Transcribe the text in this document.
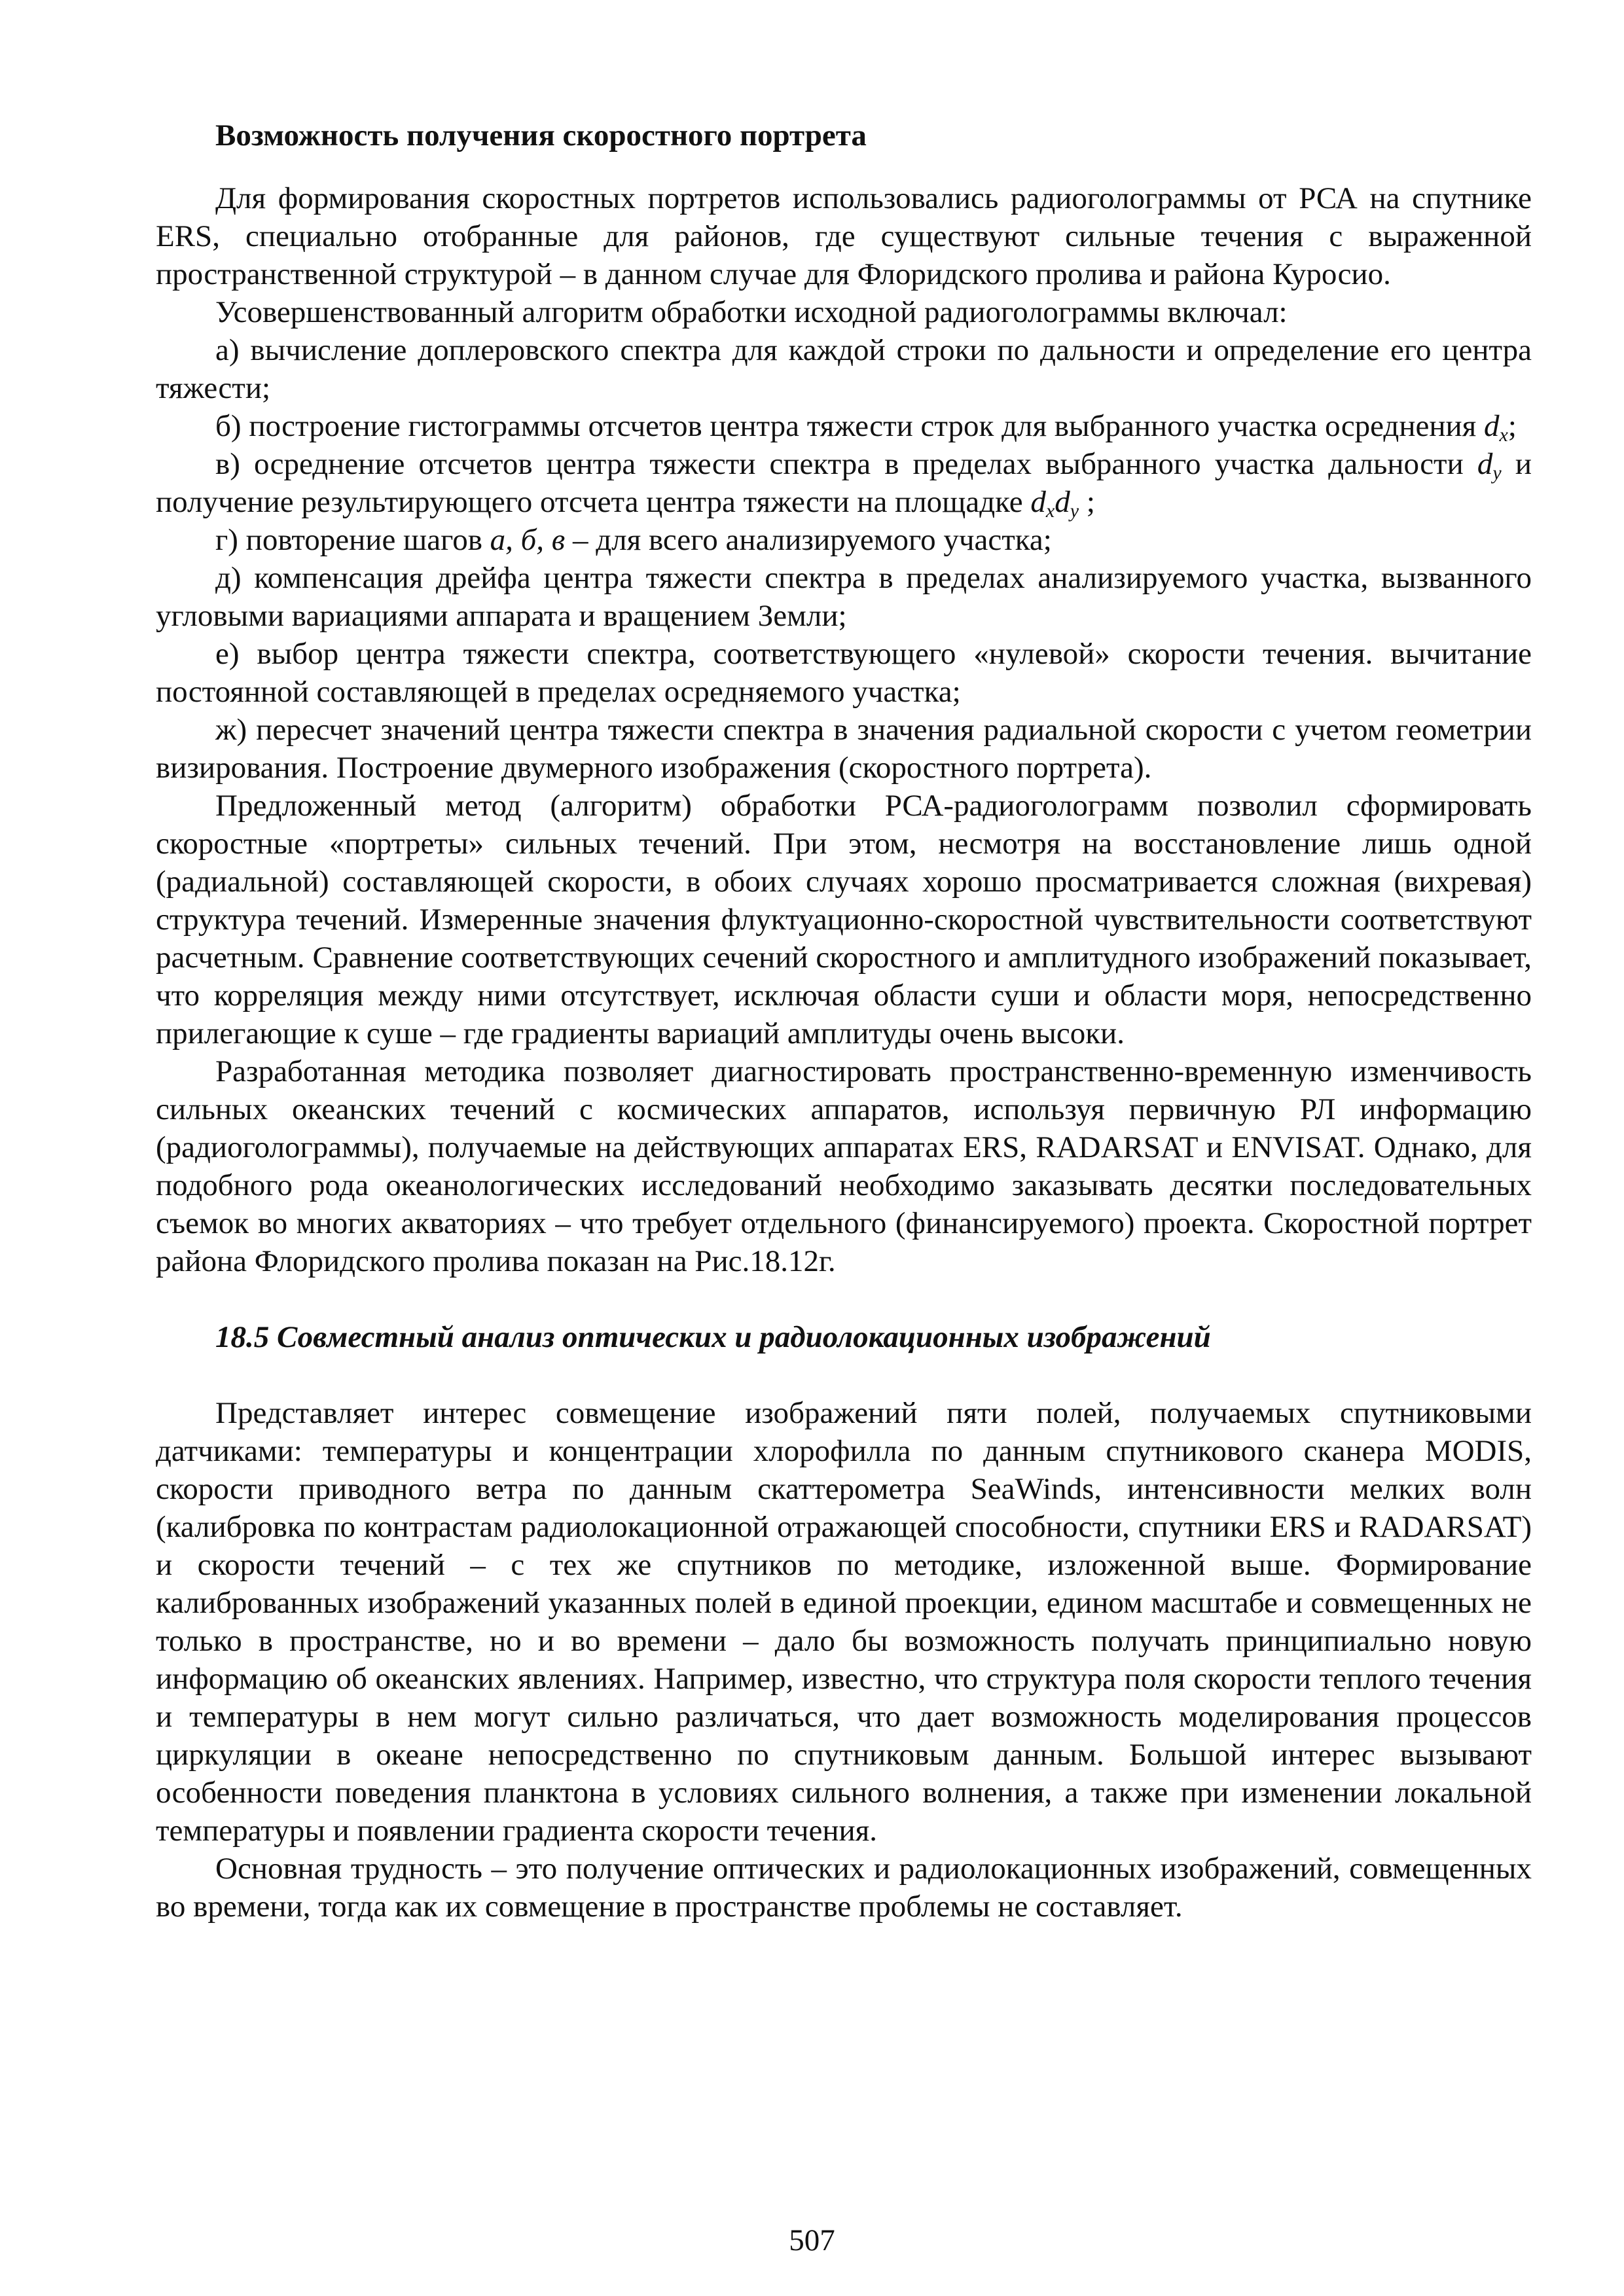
Возможность получения скоростного портрета

Для формирования скоростных портретов использовались радиоголограммы от РСА на спутнике ERS, специально отобранные для районов, где существуют сильные течения с выраженной пространственной структурой – в данном случае для Флоридского пролива и района Куросио.

Усовершенствованный алгоритм обработки исходной радиоголограммы включал:

а) вычисление доплеровского спектра для каждой строки по дальности и определение его центра тяжести;

б) построение гистограммы отсчетов центра тяжести строк для выбранного участка осреднения $d_x$;

в) осреднение отсчетов центра тяжести спектра в пределах выбранного участка дальности $d_y$ и получение результирующего отсчета центра тяжести на площадке $d_xd_y$ ;

г) повторение шагов а, б, в – для всего анализируемого участка;

д) компенсация дрейфа центра тяжести спектра в пределах анализируемого участка, вызванного угловыми вариациями аппарата и вращением Земли;

е) выбор центра тяжести спектра, соответствующего «нулевой» скорости течения. вычитание постоянной составляющей в пределах осредняемого участка;

ж) пересчет значений центра тяжести спектра в значения радиальной скорости с учетом геометрии визирования. Построение двумерного изображения (скоростного портрета).

Предложенный метод (алгоритм) обработки РСА-радиоголограмм позволил сформировать скоростные «портреты» сильных течений. При этом, несмотря на восстановление лишь одной (радиальной) составляющей скорости, в обоих случаях хорошо просматривается сложная (вихревая) структура течений. Измеренные значения флуктуационно-скоростной чувствительности соответствуют расчетным. Сравнение соответствующих сечений скоростного и амплитудного изображений показывает, что корреляция между ними отсутствует, исключая области суши и области моря, непосредственно прилегающие к суше – где градиенты вариаций амплитуды очень высоки.

Разработанная методика позволяет диагностировать пространственно-временную изменчивость сильных океанских течений с космических аппаратов, используя первичную РЛ информацию (радиоголограммы), получаемые на действующих аппаратах ERS, RADARSAT и ENVISAT. Однако, для подобного рода океанологических исследований необходимо заказывать десятки последовательных съемок во многих акваториях – что требует отдельного (финансируемого) проекта. Скоростной портрет района Флоридского пролива показан на Рис.18.12г.

18.5 Совместный анализ оптических и радиолокационных изображений

Представляет интерес совмещение изображений пяти полей, получаемых спутниковыми датчиками: температуры и концентрации хлорофилла по данным спутникового сканера MODIS, скорости приводного ветра по данным скаттерометра SeaWinds, интенсивности мелких волн (калибровка по контрастам радиолокационной отражающей способности, спутники ERS и RADARSAT) и скорости течений – с тех же спутников по методике, изложенной выше. Формирование калиброванных изображений указанных полей в единой проекции, едином масштабе и совмещенных не только в пространстве, но и во времени – дало бы возможность получать принципиально новую информацию об океанских явлениях. Например, известно, что структура поля скорости теплого течения и температуры в нем могут сильно различаться, что дает возможность моделирования процессов циркуляции в океане непосредственно по спутниковым данным. Большой интерес вызывают особенности поведения планктона в условиях сильного волнения, а также при изменении локальной температуры и появлении градиента скорости течения.

Основная трудность – это получение оптических и радиолокационных изображений, совмещенных во времени, тогда как их совмещение в пространстве проблемы не составляет.

507
